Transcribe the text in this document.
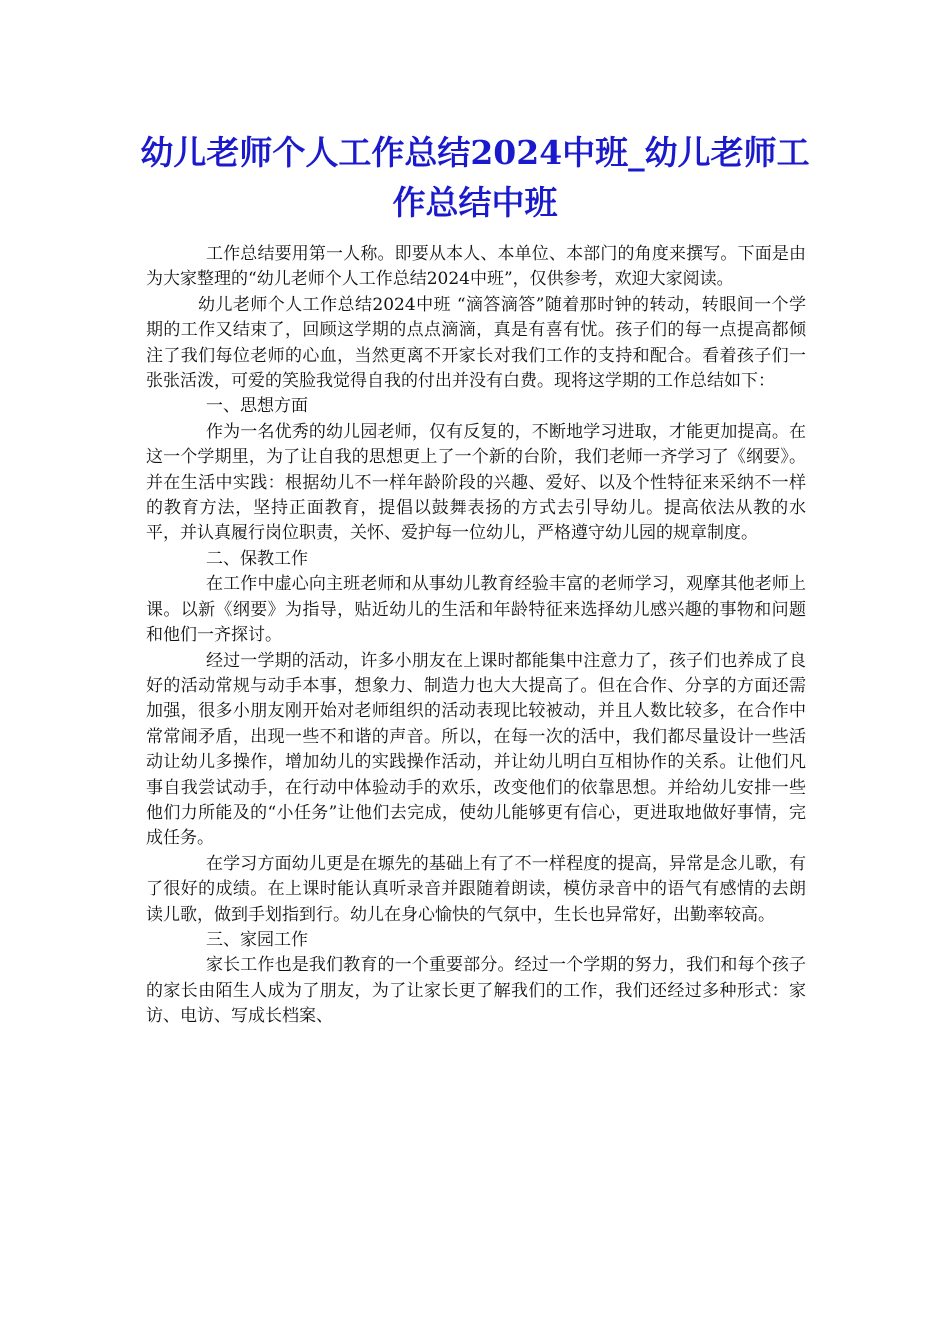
幼儿老师个人工作总结2024中班_幼儿老师工作总结中班

工作总结要用第一人称。即要从本人、本单位、本部门的角度来撰写。下面是由为大家整理的“幼儿老师个人工作总结2024中班”，仅供参考，欢迎大家阅读。

幼儿老师个人工作总结2024中班 “滴答滴答”随着那时钟的转动，转眼间一个学期的工作又结束了，回顾这学期的点点滴滴，真是有喜有忧。孩子们的每一点提高都倾注了我们每位老师的心血，当然更离不开家长对我们工作的支持和配合。看着孩子们一张张活泼，可爱的笑脸我觉得自我的付出并没有白费。现将这学期的工作总结如下：

一、思想方面

作为一名优秀的幼儿园老师，仅有反复的，不断地学习进取，才能更加提高。在这一个学期里，为了让自我的思想更上了一个新的台阶，我们老师一齐学习了《纲要》。并在生活中实践：根据幼儿不一样年龄阶段的兴趣、爱好、以及个性特征来采纳不一样的教育方法，坚持正面教育，提倡以鼓舞表扬的方式去引导幼儿。提高依法从教的水平，并认真履行岗位职责，关怀、爱护每一位幼儿，严格遵守幼儿园的规章制度。

二、保教工作

在工作中虚心向主班老师和从事幼儿教育经验丰富的老师学习，观摩其他老师上课。以新《纲要》为指导，贴近幼儿的生活和年龄特征来选择幼儿感兴趣的事物和问题和他们一齐探讨。

经过一学期的活动，许多小朋友在上课时都能集中注意力了，孩子们也养成了良好的活动常规与动手本事，想象力、制造力也大大提高了。但在合作、分享的方面还需加强，很多小朋友刚开始对老师组织的活动表现比较被动，并且人数比较多，在合作中常常闹矛盾，出现一些不和谐的声音。所以，在每一次的活中，我们都尽量设计一些活动让幼儿多操作，增加幼儿的实践操作活动，并让幼儿明白互相协作的关系。让他们凡事自我尝试动手，在行动中体验动手的欢乐，改变他们的依靠思想。并给幼儿安排一些他们力所能及的“小任务”让他们去完成，使幼儿能够更有信心，更进取地做好事情，完成任务。

在学习方面幼儿更是在塬先的基础上有了不一样程度的提高，异常是念儿歌，有了很好的成绩。在上课时能认真听录音并跟随着朗读，模仿录音中的语气有感情的去朗读儿歌，做到手划指到行。幼儿在身心愉快的气氛中，生长也异常好，出勤率较高。

三、家园工作

家长工作也是我们教育的一个重要部分。经过一个学期的努力，我们和每个孩子的家长由陌生人成为了朋友，为了让家长更了解我们的工作，我们还经过多种形式：家访、电访、写成长档案、
